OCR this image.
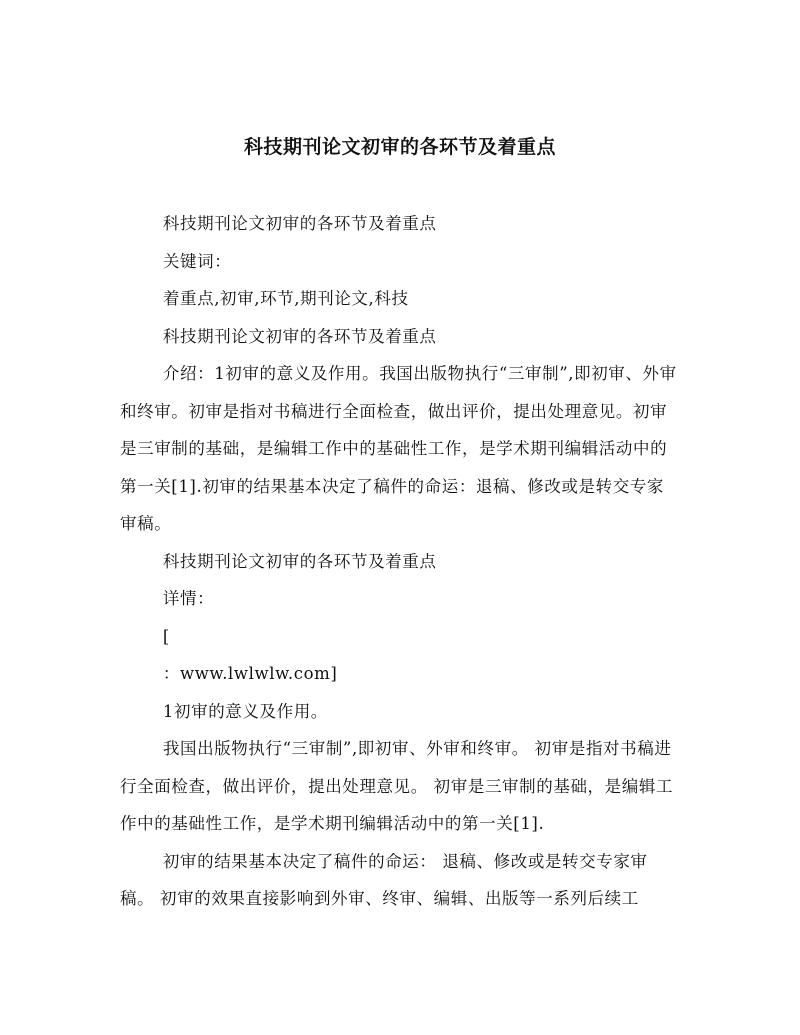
科技期刊论文初审的各环节及着重点

科技期刊论文初审的各环节及着重点

关键词：

着重点,初审,环节,期刊论文,科技

科技期刊论文初审的各环节及着重点

介绍：1初审的意义及作用。我国出版物执行“三审制”,即初审、外审和终审。初审是指对书稿进行全面检查，做出评价，提出处理意见。初审是三审制的基础，是编辑工作中的基础性工作，是学术期刊编辑活动中的第一关[1].初审的结果基本决定了稿件的命运：退稿、修改或是转交专家审稿。

科技期刊论文初审的各环节及着重点

详情：

[

：www.lwlwlw.com]

1初审的意义及作用。

我国出版物执行“三审制”,即初审、外审和终审。 初审是指对书稿进行全面检查，做出评价，提出处理意见。 初审是三审制的基础，是编辑工作中的基础性工作，是学术期刊编辑活动中的第一关[1].

初审的结果基本决定了稿件的命运： 退稿、修改或是转交专家审稿。 初审的效果直接影响到外审、终审、编辑、出版等一系列后续工
